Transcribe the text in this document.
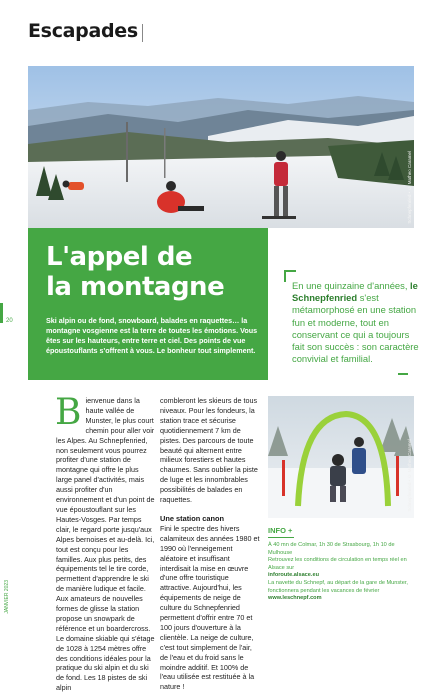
Escapades
Schnepfenried • © Matheo Caramel
L'appel de
la montagne
Ski alpin ou de fond, snowboard, balades en raquettes… la montagne vosgienne est la terre de toutes les émotions. Vous êtes sur les hauteurs, entre terre et ciel. Des points de vue époustouflants s'offrent à vous. Le bonheur tout simplement.
20
En une quinzaine d'années, le Schnepfenried s'est métamorphosé en une station fun et moderne, tout en conservant ce qui a toujours fait son succès : son caractère convivial et familial.
B ienvenue dans la haute vallée de Munster, le plus court chemin pour aller voir les Alpes. Au Schnepfenried, non seulement vous pourrez profiter d'une station de montagne qui offre le plus large panel d'activités, mais aussi profiter d'un environnement et d'un point de vue époustouflant sur les Hautes-Vosges. Par temps clair, le regard porte jusqu'aux Alpes bernoises et au-delà. Ici, tout est conçu pour les familles. Aux plus petits, des équipements tel le tire corde, permettent d'apprendre le ski de manière ludique et facile. Aux amateurs de nouvelles formes de glisse la station propose un snowpark de référence et un boardercross.

Le domaine skiable qui s'étage de 1028 à 1254 mètres offre des conditions idéales pour la pratique du ski alpin et du ski de fond. Les 18 pistes de ski alpin

combleront les skieurs de tous niveaux. Pour les fondeurs, la station trace et sécurise quotidiennement 7 km de pistes. Des parcours de toute beauté qui alternent entre milieux forestiers et hautes chaumes. Sans oublier la piste de luge et les innombrables possibilités de balades en raquettes.

Une station canon

Fini le spectre des hivers calamiteux des années 1980 et 1990 où l'enneigement aléatoire et insuffisant interdisait la mise en œuvre d'une offre touristique attractive. Aujourd'hui, les équipements de neige de culture du Schnepfenried permettent d'offrir entre 70 et 100 jours d'ouverture à la clientèle. La neige de culture, c'est tout simplement de l'air, de l'eau et du froid sans le moindre additif. Et 100% de l'eau utilisée est restituée à la nature !

Schnepfenried • © Matheo Caramel
INFO +
À 40 mn de Colmar, 1h 30 de Strasbourg, 1h 10 de Mulhouse
Retrouvez les conditions de circulation en temps réel en Alsace sur
inforoute.alsace.eu
La navette du Schnepf, au départ de la gare de Munster, fonctionnera pendant les vacances de février
www.leschnepf.com
JANVIER 2023
